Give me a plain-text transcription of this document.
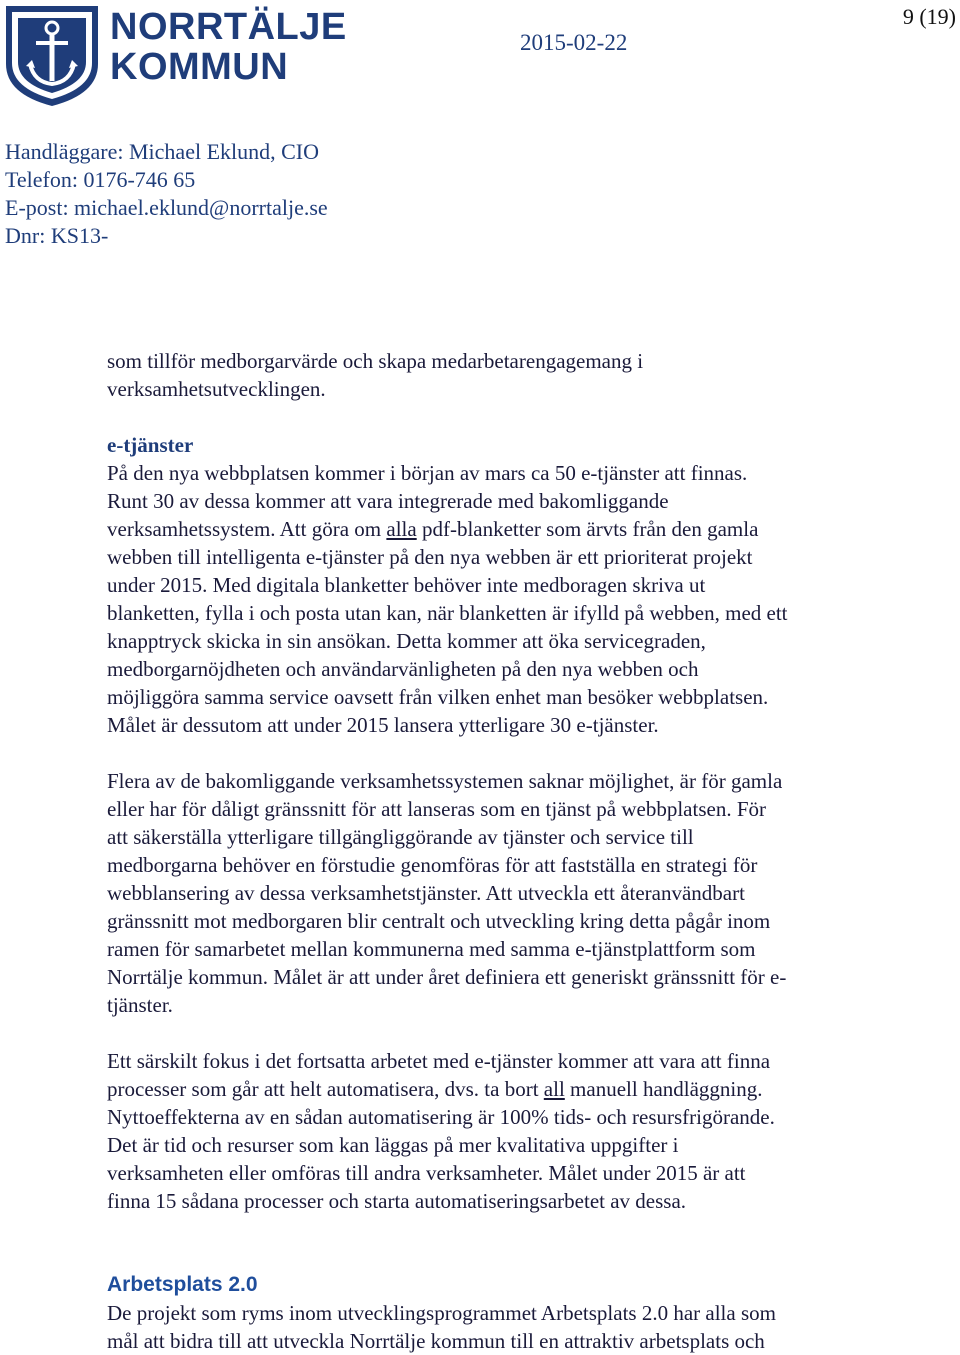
NORRTÄLJE
KOMMUN
2015-02-22
9 (19)
Handläggare: Michael Eklund, CIO
Telefon: 0176-746 65
E-post: michael.eklund@norrtalje.se
Dnr: KS13-

som tillför medborgarvärde och skapa medarbetarengagemang i
verksamhetsutvecklingen.

e-tjänster

På den nya webbplatsen kommer i början av mars ca 50 e-tjänster att finnas.
Runt 30 av dessa kommer att vara integrerade med bakomliggande
verksamhetssystem. Att göra om alla pdf-blanketter som ärvts från den gamla
webben till intelligenta e-tjänster på den nya webben är ett prioriterat projekt
under 2015. Med digitala blanketter behöver inte medboragen skriva ut
blanketten, fylla i och posta utan kan, när blanketten är ifylld på webben, med ett
knapptryck skicka in sin ansökan. Detta kommer att öka servicegraden,
medborgarnöjdheten och användarvänligheten på den nya webben och
möjliggöra samma service oavsett från vilken enhet man besöker webbplatsen.
Målet är dessutom att under 2015 lansera ytterligare 30 e-tjänster.

Flera av de bakomliggande verksamhetssystemen saknar möjlighet, är för gamla
eller har för dåligt gränssnitt för att lanseras som en tjänst på webbplatsen. För
att säkerställa ytterligare tillgängliggörande av tjänster och service till
medborgarna behöver en förstudie genomföras för att fastställa en strategi för
webblansering av dessa verksamhetstjänster. Att utveckla ett återanvändbart
gränssnitt mot medborgaren blir centralt och utveckling kring detta pågår inom
ramen för samarbetet mellan kommunerna med samma e-tjänstplattform som
Norrtälje kommun. Målet är att under året definiera ett generiskt gränssnitt för e-
tjänster.

Ett särskilt fokus i det fortsatta arbetet med e-tjänster kommer att vara att finna
processer som går att helt automatisera, dvs. ta bort all manuell handläggning.
Nyttoeffekterna av en sådan automatisering är 100% tids- och resursfrigörande.
Det är tid och resurser som kan läggas på mer kvalitativa uppgifter i
verksamheten eller omföras till andra verksamheter. Målet under 2015 är att
finna 15 sådana processer och starta automatiseringsarbetet av dessa.

Arbetsplats 2.0

De projekt som ryms inom utvecklingsprogrammet Arbetsplats 2.0 har alla som
mål att bidra till att utveckla Norrtälje kommun till en attraktiv arbetsplats och
